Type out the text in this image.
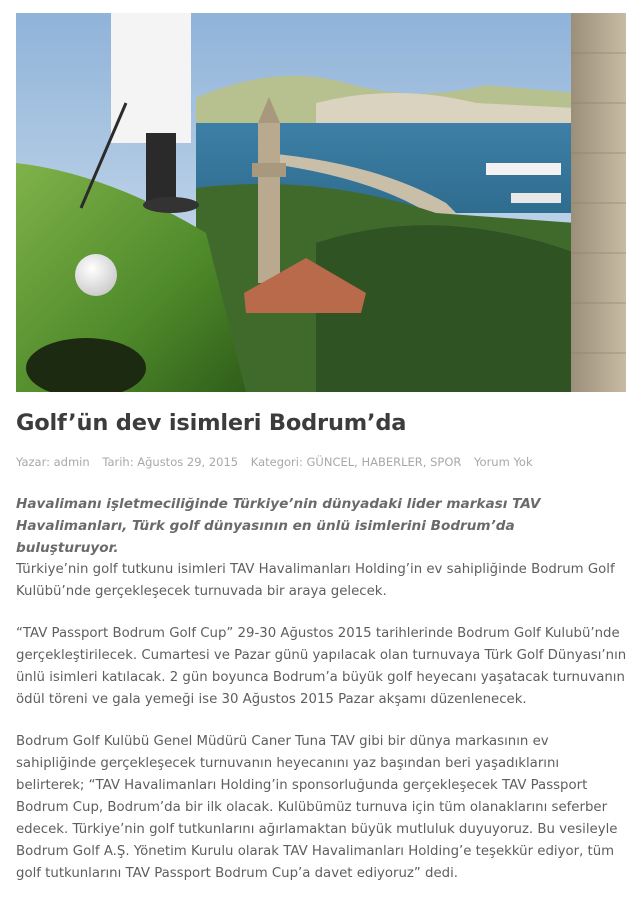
Golf’ün dev isimleri Bodrum’da
Yazar: admin Tarih: Ağustos 29, 2015 Kategori: GÜNCEL, HABERLER, SPOR Yorum Yok

Havalimanı işletmeciliğinde Türkiye’nin dünyadaki lider markası TAV Havalimanları, Türk golf dünyasının en ünlü isimlerini Bodrum’da buluşturuyor.

Türkiye’nin golf tutkunu isimleri TAV Havalimanları Holding’in ev sahipliğinde Bodrum Golf Kulübü’nde gerçekleşecek turnuvada bir araya gelecek.

“TAV Passport Bodrum Golf Cup” 29-30 Ağustos 2015 tarihlerinde Bodrum Golf Kulubü’nde gerçekleştirilecek. Cumartesi ve Pazar günü yapılacak olan turnuvaya Türk Golf Dünyası’nın ünlü isimleri katılacak. 2 gün boyunca Bodrum’a büyük golf heyecanı yaşatacak turnuvanın ödül töreni ve gala yemeği ise 30 Ağustos 2015 Pazar akşamı düzenlenecek.

Bodrum Golf Kulübü Genel Müdürü Caner Tuna TAV gibi bir dünya markasının ev sahipliğinde gerçekleşecek turnuvanın heyecanını yaz başından beri yaşadıklarını belirterek; “TAV Havalimanları Holding’in sponsorluğunda gerçekleşecek TAV Passport Bodrum Cup, Bodrum’da bir ilk olacak. Kulübümüz turnuva için tüm olanaklarını seferber edecek. Türkiye’nin golf tutkunlarını ağırlamaktan büyük mutluluk duyuyoruz. Bu vesileyle Bodrum Golf A.Ş. Yönetim Kurulu olarak TAV Havalimanları Holding’e teşekkür ediyor, tüm golf tutkunlarını TAV Passport Bodrum Cup’a davet ediyoruz” dedi.
